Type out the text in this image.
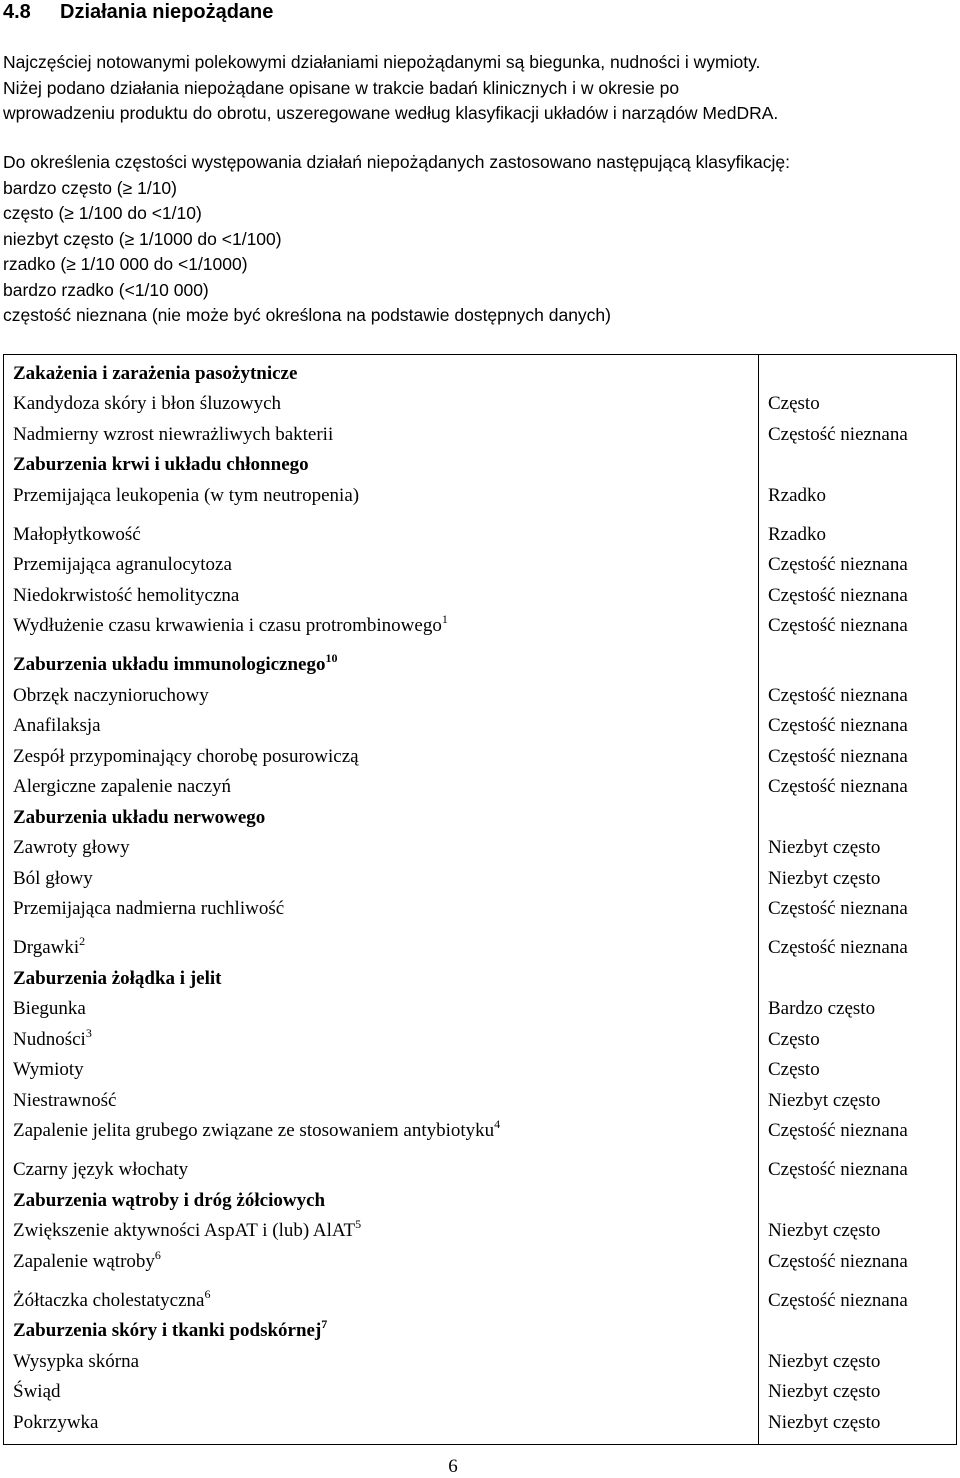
4.8 Działania niepożądane

Najczęściej notowanymi polekowymi działaniami niepożądanymi są biegunka, nudności i wymioty.

Niżej podano działania niepożądane opisane w trakcie badań klinicznych i w okresie po

wprowadzeniu produktu do obrotu, uszeregowane według klasyfikacji układów i narządów MedDRA.

Do określenia częstości występowania działań niepożądanych zastosowano następującą klasyfikację:

bardzo często (≥ 1/10)

często (≥ 1/100 do <1/10)

niezbyt często (≥ 1/1000 do <1/100)

rzadko (≥ 1/10 000 do <1/1000)

bardzo rzadko (<1/10 000)

częstość nieznana (nie może być określona na podstawie dostępnych danych)

Zakażenia i zarażenia pasożytnicze	
Kandydoza skóry i błon śluzowych	Często
Nadmierny wzrost niewrażliwych bakterii	Częstość nieznana
Zaburzenia krwi i układu chłonnego	
Przemijająca leukopenia (w tym neutropenia)	Rzadko
Małopłytkowość	Rzadko
Przemijająca agranulocytoza	Częstość nieznana
Niedokrwistość hemolityczna	Częstość nieznana
Wydłużenie czasu krwawienia i czasu protrombinowego$^1$	Częstość nieznana
Zaburzenia układu immunologicznego$^{10}$	
Obrzęk naczynioruchowy	Częstość nieznana
Anafilaksja	Częstość nieznana
Zespół przypominający chorobę posurowiczą	Częstość nieznana
Alergiczne zapalenie naczyń	Częstość nieznana
Zaburzenia układu nerwowego	
Zawroty głowy	Niezbyt często
Ból głowy	Niezbyt często
Przemijająca nadmierna ruchliwość	Częstość nieznana
Drgawki$^2$	Częstość nieznana
Zaburzenia żołądka i jelit	
Biegunka	Bardzo często
Nudności$^3$	Często
Wymioty	Często
Niestrawność	Niezbyt często
Zapalenie jelita grubego związane ze stosowaniem antybiotyku$^4$	Częstość nieznana
Czarny język włochaty	Częstość nieznana
Zaburzenia wątroby i dróg żółciowych	
Zwiększenie aktywności AspAT i (lub) AlAT$^5$	Niezbyt często
Zapalenie wątroby$^6$	Częstość nieznana
Żółtaczka cholestatyczna$^6$	Częstość nieznana
Zaburzenia skóry i tkanki podskórnej$^7$	
Wysypka skórna	Niezbyt często
Świąd	Niezbyt często
Pokrzywka	Niezbyt często
6
